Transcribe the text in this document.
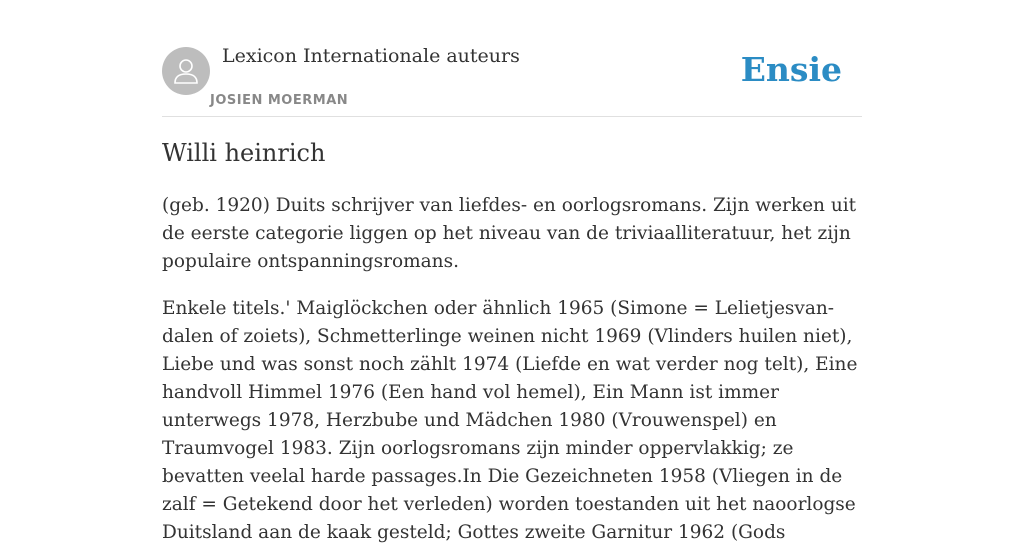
Lexicon Internationale auteurs
JOSIEN MOERMAN
Ensie
Willi heinrich

(geb. 1920) Duits schrijver van liefdes- en oorlogsromans. Zijn werken uit de eerste categorie liggen op het niveau van de triviaalliteratuur, het zijn populaire ontspanningsromans.

Enkele titels.' Maiglöckchen oder ähnlich 1965 (Simone = Lelietjesvan-dalen of zoiets), Schmetterlinge weinen nicht 1969 (Vlinders huilen niet), Liebe und was sonst noch zählt 1974 (Liefde en wat verder nog telt), Eine handvoll Himmel 1976 (Een hand vol hemel), Ein Mann ist immer unterwegs 1978, Herzbube und Mädchen 1980 (Vrouwenspel) en Traumvogel 1983. Zijn oorlogsromans zijn minder oppervlakkig; ze bevatten veelal harde passages.In Die Gezeichneten 1958 (Vliegen in de zalf = Getekend door het verleden) worden toestanden uit het naoorlogse Duitsland aan de kaak gesteld; Gottes zweite Garnitur 1962 (Gods
